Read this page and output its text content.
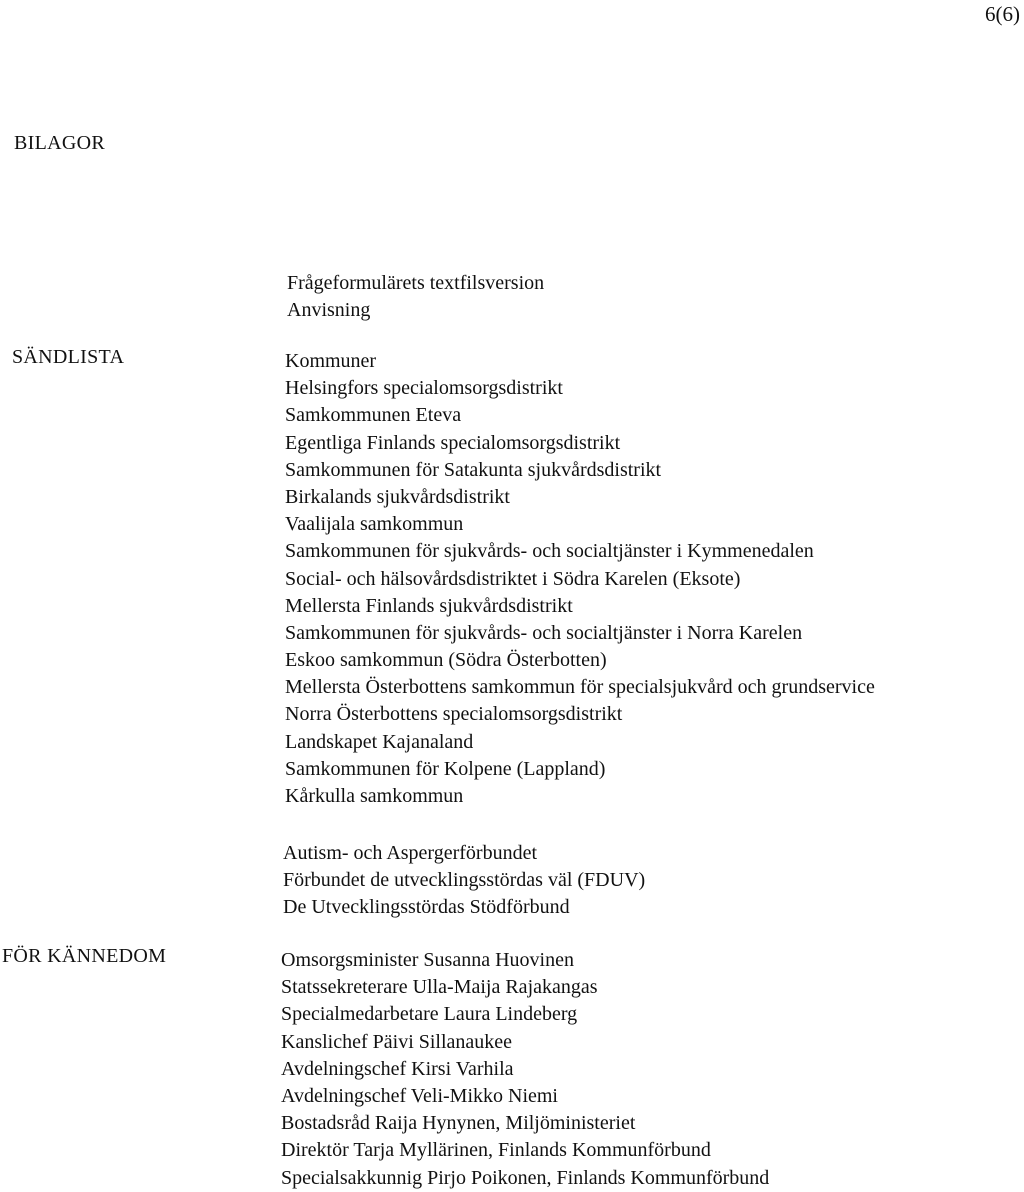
6(6)
BILAGOR
Frågeformulärets textfilsversion
Anvisning
SÄNDLISTA	Kommuner
Helsingfors specialomsorgsdistrikt
Samkommunen Eteva
Egentliga Finlands specialomsorgsdistrikt
Samkommunen för Satakunta sjukvårdsdistrikt
Birkalands sjukvårdsdistrikt
Vaalijala samkommun
Samkommunen för sjukvårds- och socialtjänster i Kymmenedalen
Social- och hälsovårdsdistriktet i Södra Karelen (Eksote)
Mellersta Finlands sjukvårdsdistrikt
Samkommunen för sjukvårds- och socialtjänster i Norra Karelen
Eskoo samkommun (Södra Österbotten)
Mellersta Österbottens samkommun för specialsjukvård och grundservice
Norra Österbottens specialomsorgsdistrikt
Landskapet Kajanaland
Samkommunen för Kolpene (Lappland)
Kårkulla samkommun
Autism- och Aspergerförbundet
Förbundet de utvecklingsstördas väl (FDUV)
De Utvecklingsstördas Stödförbund
FÖR KÄNNEDOM	Omsorgsminister Susanna Huovinen
Statssekreterare Ulla-Maija Rajakangas
Specialmedarbetare Laura Lindeberg
Kanslichef Päivi Sillanaukee
Avdelningschef Kirsi Varhila
Avdelningschef Veli-Mikko Niemi
Bostadsråd Raija Hynynen, Miljöministeriet
Direktör Tarja Myllärinen, Finlands Kommunförbund
Specialsakkunnig Pirjo Poikonen, Finlands Kommunförbund
